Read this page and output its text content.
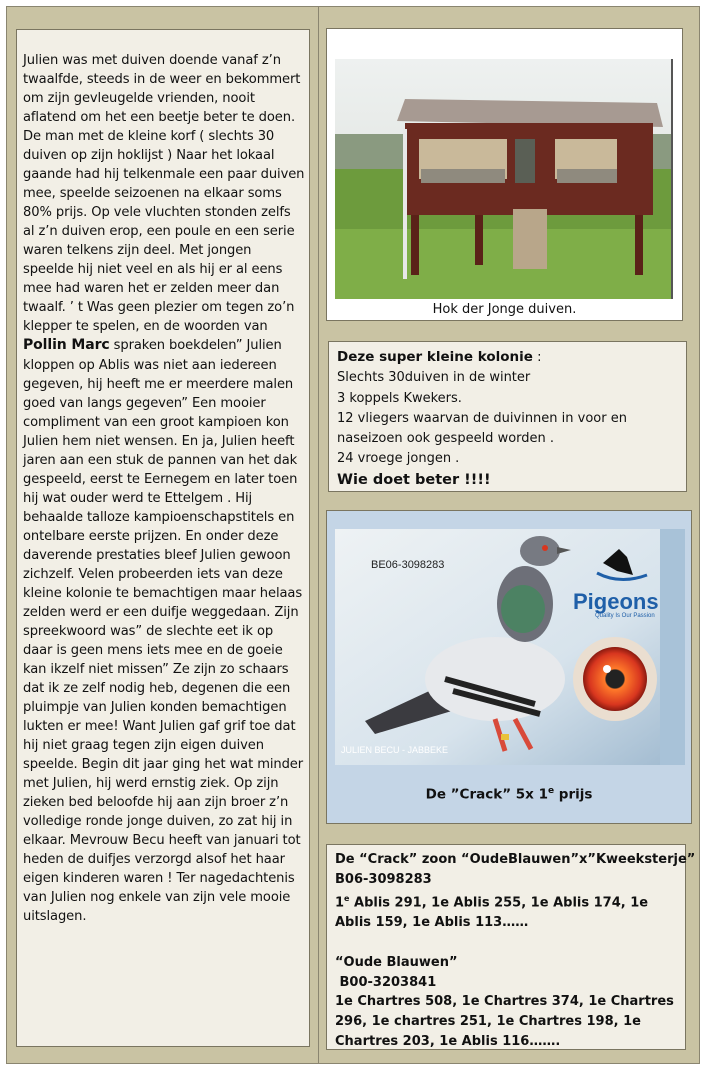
Julien was met duiven doende vanaf z’n twaalfde, steeds in de weer en bekommert om zijn gevleugelde vrienden, nooit aflatend om het een beetje beter te doen. De man met de kleine korf ( slechts 30 duiven op zijn hoklijst ) Naar het lokaal gaande had hij telkenmale een paar duiven mee, speelde seizoenen na elkaar soms 80% prijs. Op vele vluchten stonden zelfs al z’n duiven erop, een poule en een serie waren telkens zijn deel. Met jongen speelde hij niet veel en als hij er al eens mee had waren het er zelden meer dan twaalf. ’ t Was geen plezier om tegen zo’n klepper te spelen, en de woorden van Pollin Marc spraken boekdelen” Julien kloppen op Ablis was niet aan iedereen gegeven, hij heeft me er meerdere malen goed van langs gegeven” Een mooier compliment van een groot kampioen kon Julien hem niet wensen. En ja, Julien heeft jaren aan een stuk de pannen van het dak gespeeld, eerst te Eernegem en later toen hij wat ouder werd te Ettelgem . Hij behaalde talloze kampioenschapstitels en ontelbare eerste prijzen. En onder deze daverende prestaties bleef Julien gewoon zichzelf. Velen probeerden iets van deze kleine kolonie te bemachtigen maar helaas zelden werd er een duifje weggedaan. Zijn spreekwoord was” de slechte eet ik op daar is geen mens iets mee en de goeie kan ikzelf niet missen” Ze zijn zo schaars dat ik ze zelf nodig heb, degenen die een pluimpje van Julien konden bemachtigen lukten er mee! Want Julien gaf grif toe dat hij niet graag tegen zijn eigen duiven speelde. Begin dit jaar ging het wat minder met Julien, hij werd ernstig ziek. Op zijn zieken bed beloofde hij aan zijn broer z’n volledige ronde jonge duiven, zo zat hij in elkaar. Mevrouw Becu heeft van januari tot heden de duifjes verzorgd alsof het haar eigen kinderen waren ! Ter nagedachtenis van Julien nog enkele van zijn vele mooie uitslagen.

Hok der Jonge duiven.
Deze super kleine kolonie :
Slechts 30duiven in de winter
3 koppels Kwekers.
12 vliegers waarvan de duivinnen in voor en naseizoen ook gespeeld worden .
24 vroege jongen .
Wie doet beter !!!!
BE06-3098283
Pigeons
Quality Is Our Passion
JULIEN BECU - JABBEKE
De ”Crack” 5x 1e prijs
De “Crack” zoon “OudeBlauwen”x”Kweeksterje”
B06-3098283
1e Ablis 291, 1e Ablis 255, 1e Ablis 174, 1e Ablis 159, 1e Ablis 113……
“Oude Blauwen”
B00-3203841
1e Chartres 508, 1e Chartres 374, 1e Chartres 296, 1e chartres 251, 1e Chartres 198, 1e Chartres 203, 1e Ablis 116…….
